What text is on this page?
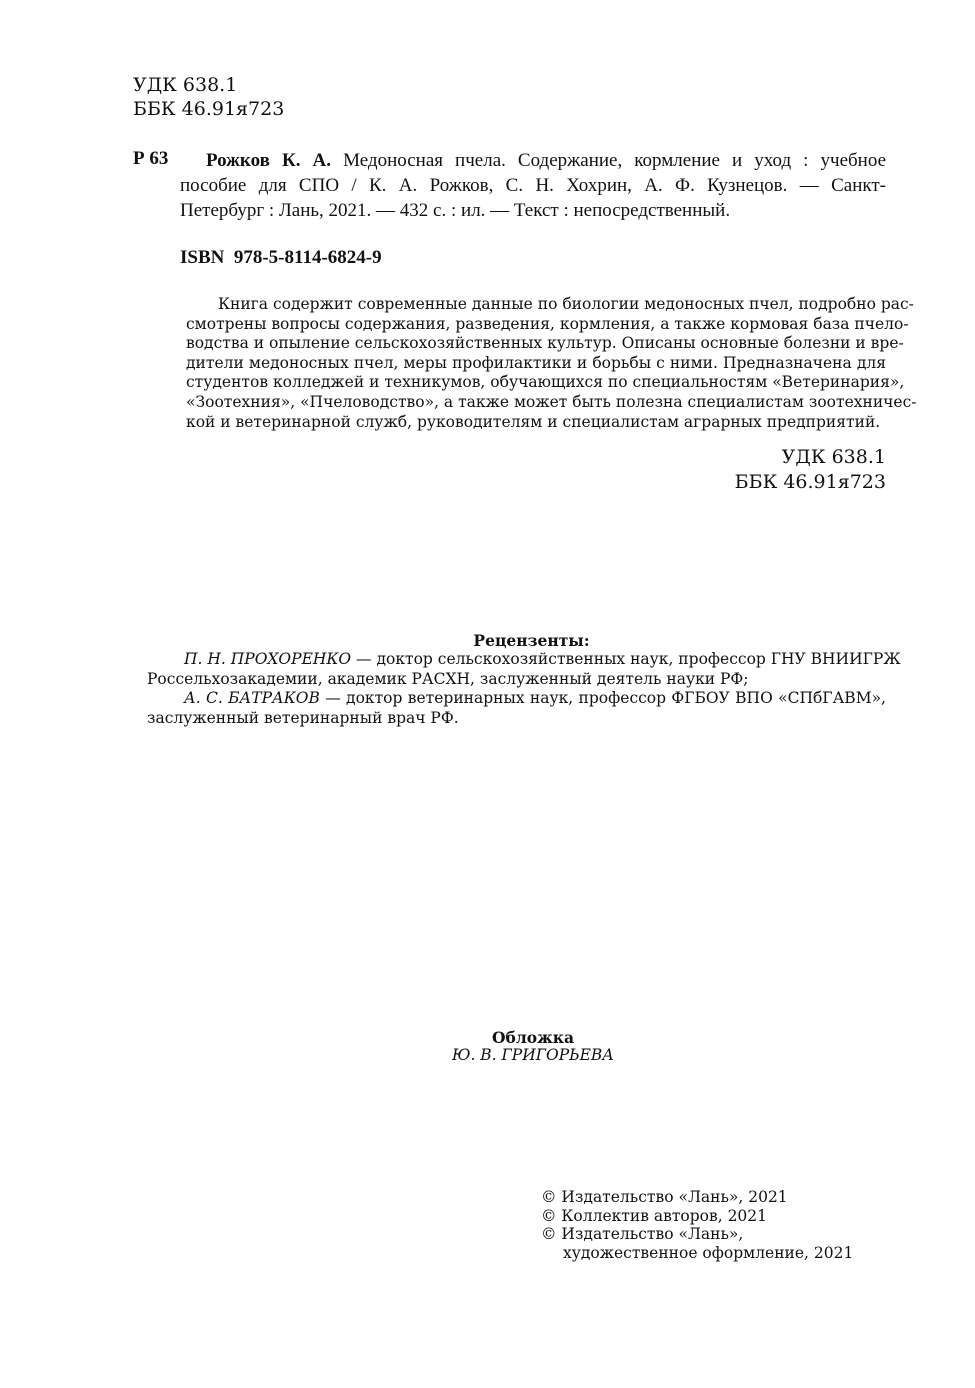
УДК 638.1
ББК 46.91я723
Р 63	Рожков К. А. Медоносная пчела. Содержание, кормление и уход : учебное
пособие для СПО / К. А. Рожков, С. Н. Хохрин, А. Ф. Кузнецов. — Санкт-
Петербург : Лань, 2021. — 432 с. : ил. — Текст : непосредственный.
ISBN  978-5-8114-6824-9
Книга содержит современные данные по биологии медоносных пчел, подробно рас-
смотрены вопросы содержания, разведения, кормления, а также кормовая база пчело-
водства и опыление сельскохозяйственных культур. Описаны основные болезни и вре-
дители медоносных пчел, меры профилактики и борьбы с ними. Предназначена для
студентов колледжей и техникумов, обучающихся по специальностям «Ветеринария»,
«Зоотехния», «Пчеловодство», а также может быть полезна специалистам зоотехничес-
кой и ветеринарной служб, руководителям и специалистам аграрных предприятий.
УДК 638.1
ББК 46.91я723
Рецензенты:
П. Н. ПРОХОРЕНКО — доктор сельскохозяйственных наук, профессор ГНУ ВНИИГРЖ
Россельхозакадемии, академик РАСХН, заслуженный деятель науки РФ;
А. С. БАТРАКОВ — доктор ветеринарных наук, профессор ФГБОУ ВПО «СПбГАВМ»,
заслуженный ветеринарный врач РФ.
Обложка
Ю. В. ГРИГОРЬЕВА
© Издательство «Лань», 2021
© Коллектив авторов, 2021
© Издательство «Лань»,
художественное оформление, 2021
